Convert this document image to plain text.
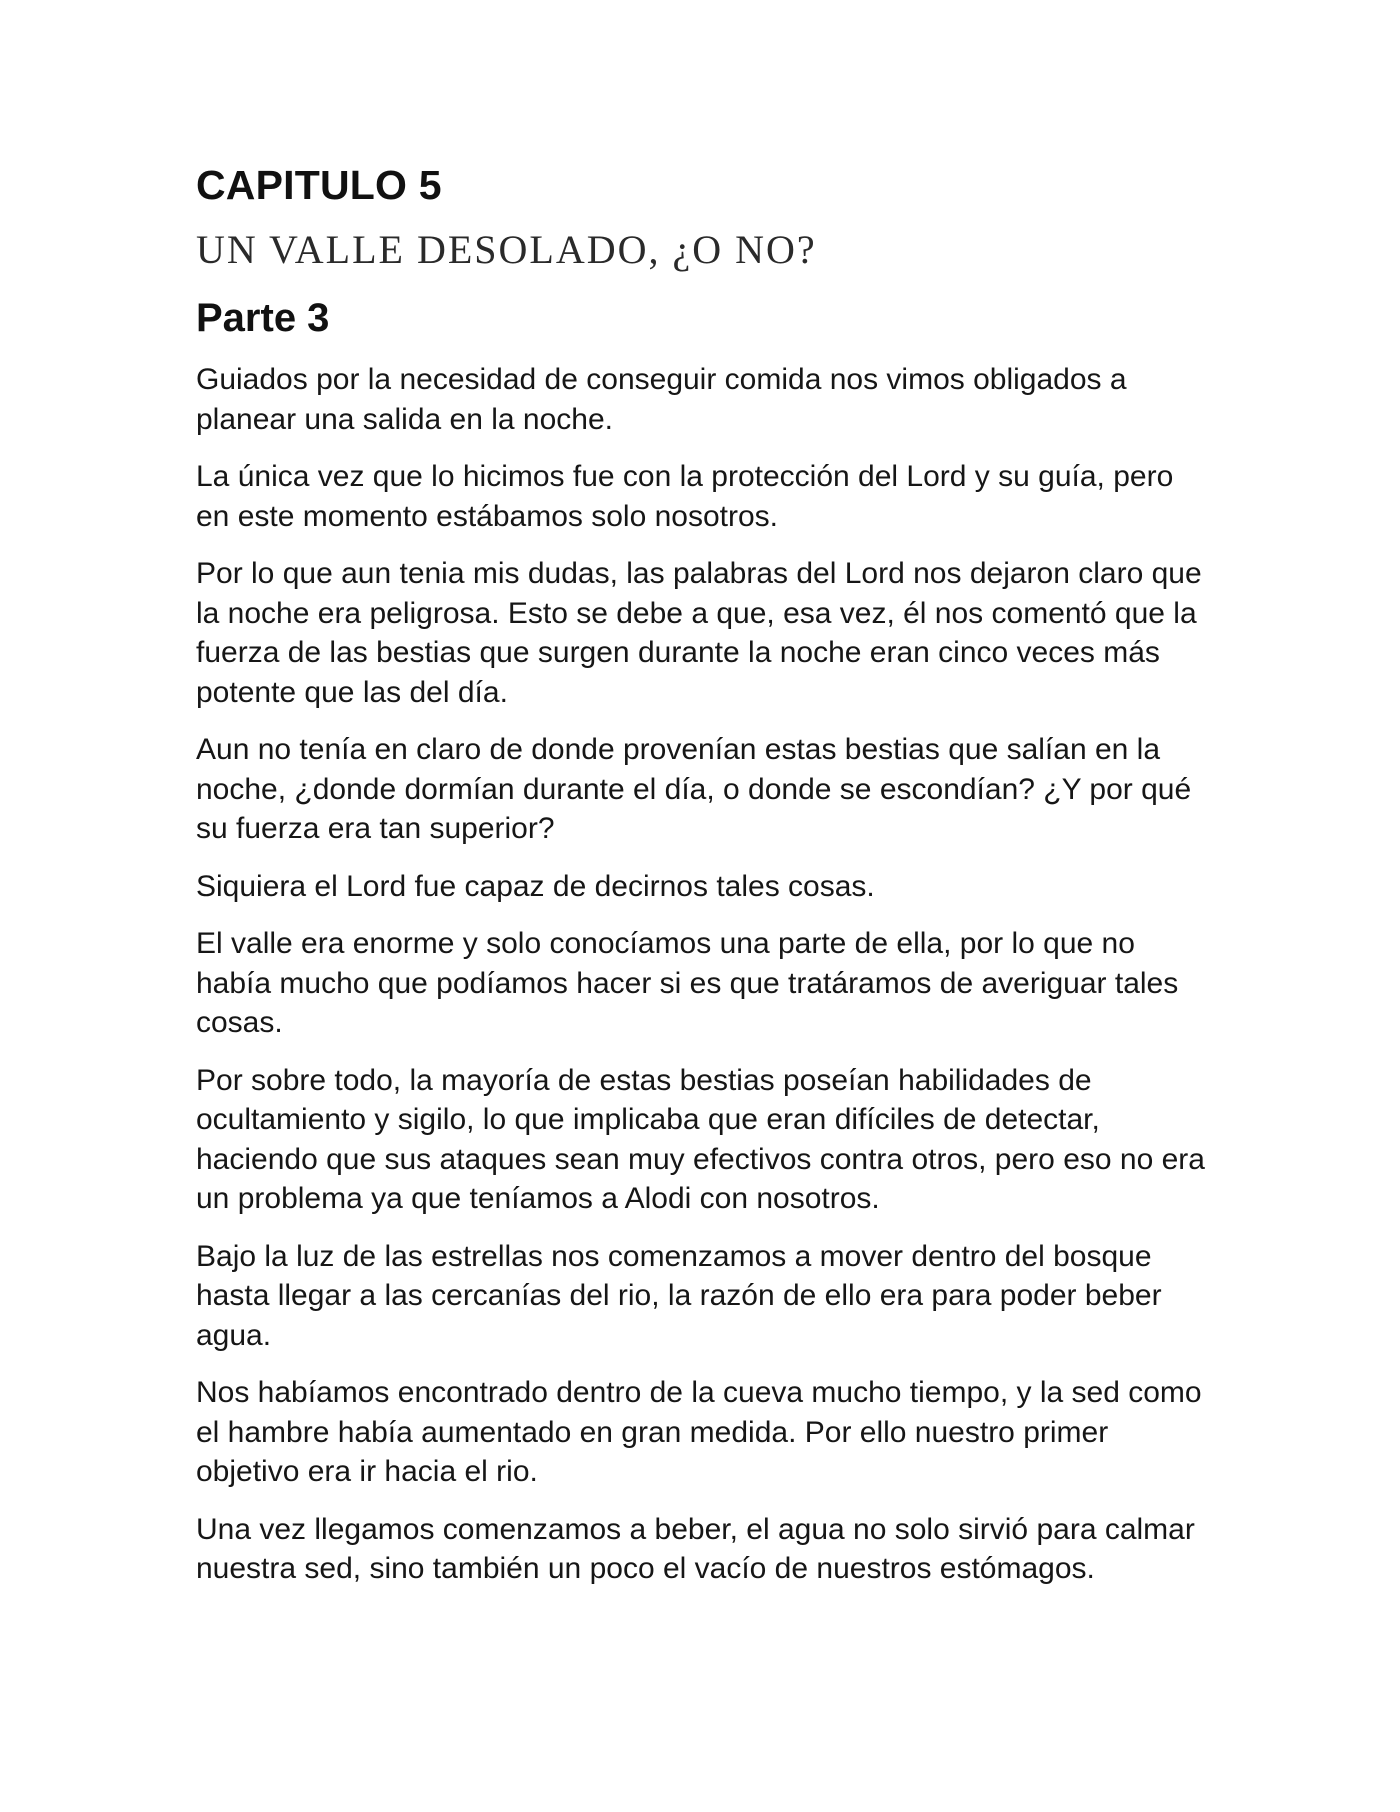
CAPITULO 5
UN VALLE DESOLADO, ¿O NO?
Parte 3

Guiados por la necesidad de conseguir comida nos vimos obligados a planear una salida en la noche.

La única vez que lo hicimos fue con la protección del Lord y su guía, pero en este momento estábamos solo nosotros.

Por lo que aun tenia mis dudas, las palabras del Lord nos dejaron claro que la noche era peligrosa. Esto se debe a que, esa vez, él nos comentó que la fuerza de las bestias que surgen durante la noche eran cinco veces más potente que las del día.

Aun no tenía en claro de donde provenían estas bestias que salían en la noche, ¿donde dormían durante el día, o donde se escondían? ¿Y por qué su fuerza era tan superior?

Siquiera el Lord fue capaz de decirnos tales cosas.

El valle era enorme y solo conocíamos una parte de ella, por lo que no había mucho que podíamos hacer si es que tratáramos de averiguar tales cosas.

Por sobre todo, la mayoría de estas bestias poseían habilidades de ocultamiento y sigilo, lo que implicaba que eran difíciles de detectar, haciendo que sus ataques sean muy efectivos contra otros, pero eso no era un problema ya que teníamos a Alodi con nosotros.

Bajo la luz de las estrellas nos comenzamos a mover dentro del bosque hasta llegar a las cercanías del rio, la razón de ello era para poder beber agua.

Nos habíamos encontrado dentro de la cueva mucho tiempo, y la sed como el hambre había aumentado en gran medida. Por ello nuestro primer objetivo era ir hacia el rio.

Una vez llegamos comenzamos a beber, el agua no solo sirvió para calmar nuestra sed, sino también un poco el vacío de nuestros estómagos.
